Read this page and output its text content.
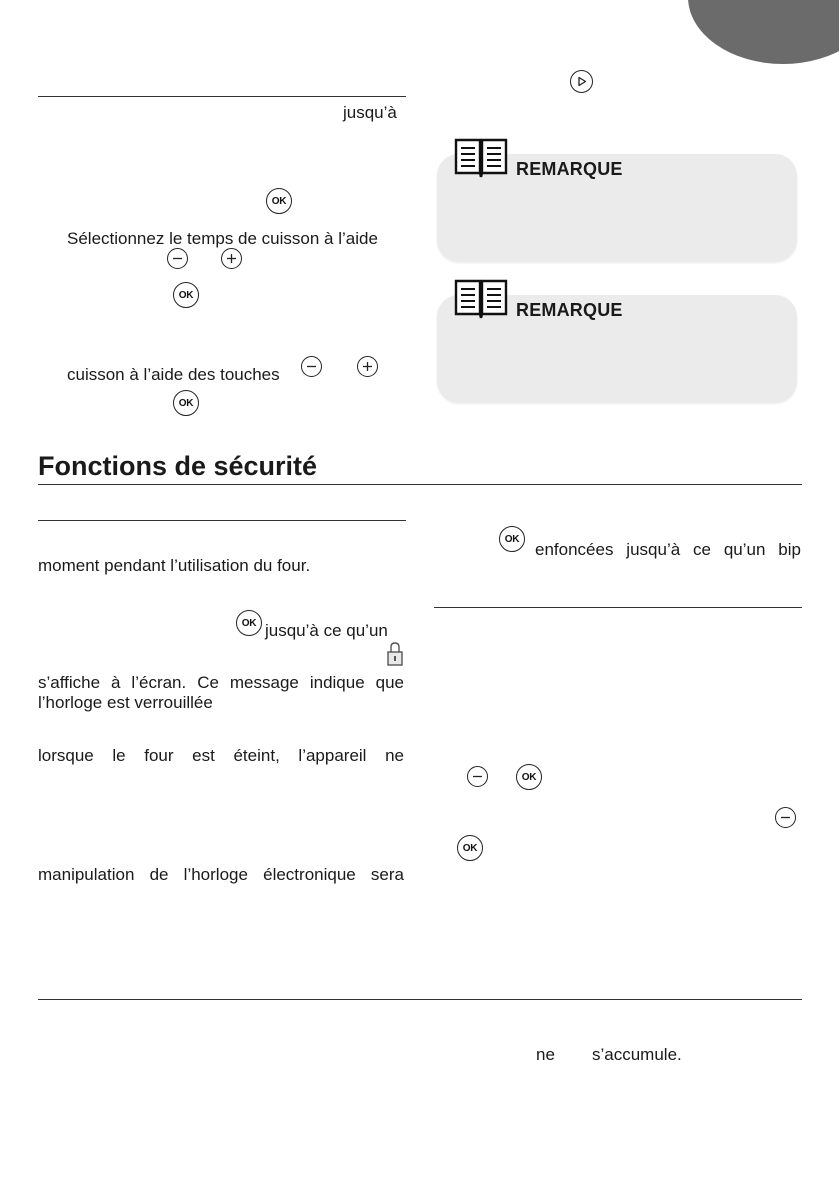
jusqu’à
OK
Sélectionnez le temps de cuisson à l’aide
OK
cuisson à l’aide des touches
OK
REMARQUE
REMARQUE
Fonctions de sécurité
moment pendant l’utilisation du four.
OK jusqu’à ce qu’un
s’affiche à l’écran. Ce message indique que
l’horloge est verrouillée
lorsque le four est éteint, l’appareil ne
manipulation de l’horloge électronique sera
OK
enfoncées jusqu’à ce qu’un bip
OK
OK
ne s’accumule.
